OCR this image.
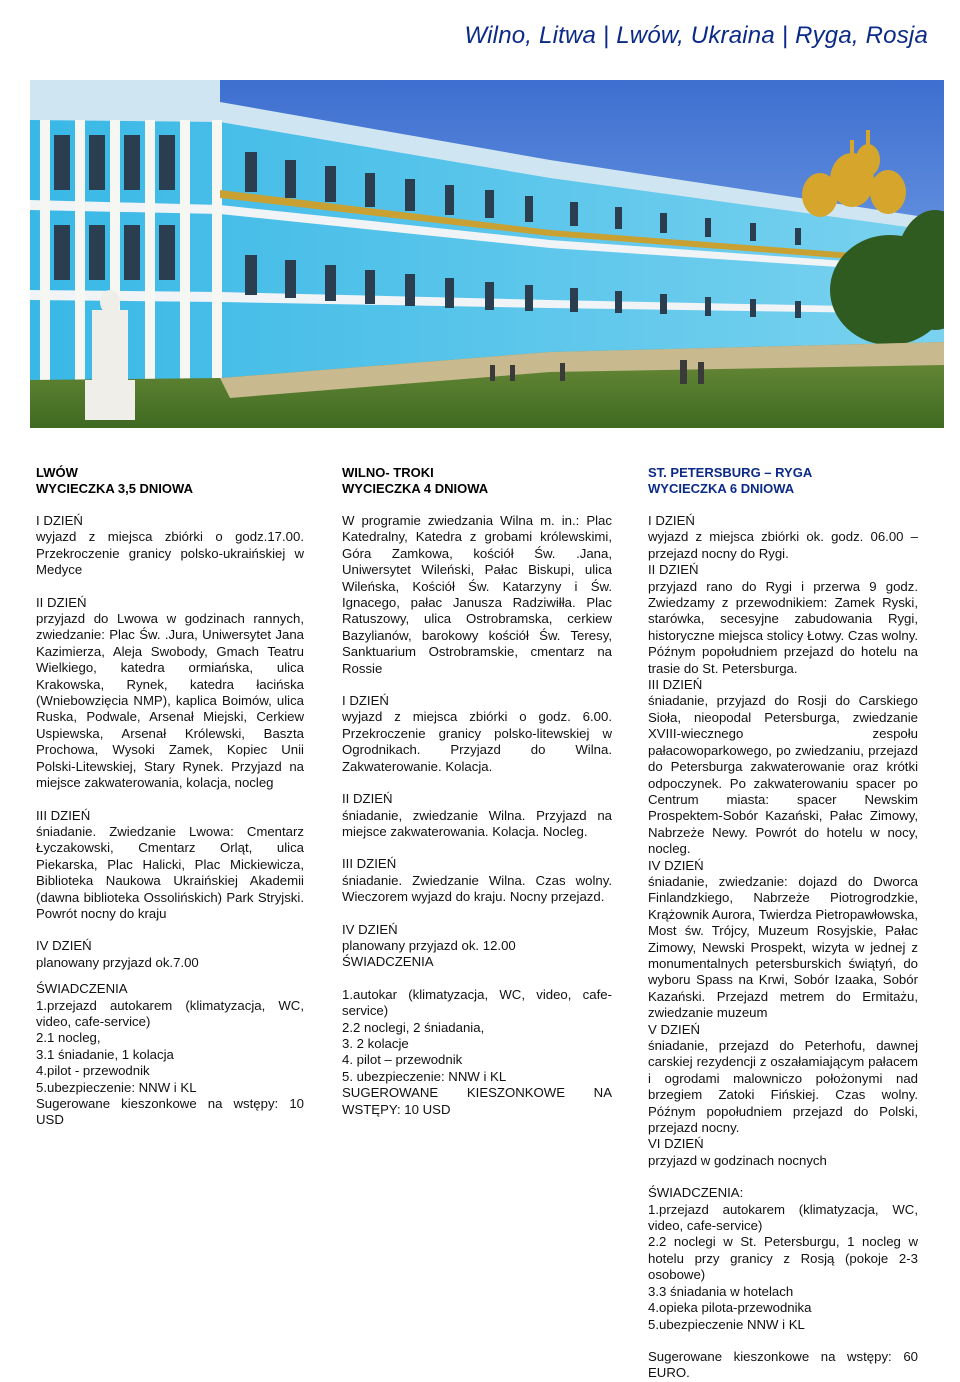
Wilno, Litwa | Lwów, Ukraina | Ryga, Rosja

LWÓW
WYCIECZKA 3,5 DNIOWA

I DZIEŃ
wyjazd z miejsca zbiórki o godz.17.00. Przekroczenie granicy polsko-ukraińskiej w Medyce

II DZIEŃ
przyjazd do Lwowa w godzinach rannych, zwiedzanie: Plac Św. .Jura, Uniwersytet Jana Kazimierza, Aleja Swobody, Gmach Teatru Wielkiego, katedra ormiańska, ulica Krakowska, Rynek, katedra łacińska (Wniebowzięcia NMP), kaplica Boimów, ulica Ruska, Podwale, Arsenał Miejski, Cerkiew Uspiewska, Arsenał Królewski, Baszta Prochowa, Wysoki Zamek, Kopiec Unii Polski-Litewskiej, Stary Rynek. Przyjazd na miejsce zakwaterowania, kolacja, nocleg

III DZIEŃ
śniadanie. Zwiedzanie Lwowa: Cmentarz Łyczakowski, Cmentarz Orląt, ulica Piekarska, Plac Halicki, Plac Mickiewicza, Biblioteka Naukowa Ukraińskiej Akademii (dawna biblioteka Ossolińskich) Park Stryjski. Powrót nocny do kraju

IV DZIEŃ
planowany przyjazd ok.7.00

ŚWIADCZENIA
1.przejazd autokarem (klimatyzacja, WC, video, cafe-service)
2.1 nocleg,
3.1 śniadanie, 1 kolacja
4.pilot - przewodnik
5.ubezpieczenie: NNW i KL
Sugerowane kieszonkowe na wstępy: 10 USD

WILNO- TROKI
WYCIECZKA 4 DNIOWA

W programie zwiedzania Wilna m. in.: Plac Katedralny, Katedra z grobami królewskimi, Góra Zamkowa, kościół Św. .Jana, Uniwersytet Wileński, Pałac Biskupi, ulica Wileńska, Kościół Św. Katarzyny i Św. Ignacego, pałac Janusza Radziwiłła. Plac Ratuszowy, ulica Ostrobramska, cerkiew Bazylianów, barokowy kościół Św. Teresy, Sanktuarium Ostrobramskie, cmentarz na Rossie

I DZIEŃ
wyjazd z miejsca zbiórki o godz. 6.00. Przekroczenie granicy polsko-litewskiej w Ogrodnikach. Przyjazd do Wilna. Zakwaterowanie. Kolacja.

II DZIEŃ
śniadanie, zwiedzanie Wilna. Przyjazd na miejsce zakwaterowania. Kolacja. Nocleg.

III DZIEŃ
śniadanie. Zwiedzanie Wilna. Czas wolny. Wieczorem wyjazd do kraju. Nocny przejazd.

IV DZIEŃ
planowany przyjazd ok. 12.00
ŚWIADCZENIA

1.autokar (klimatyzacja, WC, video, cafe-service)
2.2 noclegi, 2 śniadania,
3. 2 kolacje
4. pilot – przewodnik
5. ubezpieczenie: NNW i KL
SUGEROWANE KIESZONKOWE NA WSTĘPY: 10 USD

ST. PETERSBURG – RYGA
WYCIECZKA 6 DNIOWA

I DZIEŃ
wyjazd z miejsca zbiórki ok. godz. 06.00 – przejazd nocny do Rygi.
II DZIEŃ
przyjazd rano do Rygi i przerwa 9 godz. Zwiedzamy z przewodnikiem: Zamek Ryski, starówka, secesyjne zabudowania Rygi, historyczne miejsca stolicy Łotwy. Czas wolny. Późnym popołudniem przejazd do hotelu na trasie do St. Petersburga.
III DZIEŃ
śniadanie, przyjazd do Rosji do Carskiego Sioła, nieopodal Petersburga, zwiedzanie XVIII-wiecznego zespołu pałacowoparkowego, po zwiedzaniu, przejazd do Petersburga zakwaterowanie oraz krótki odpoczynek. Po zakwaterowaniu spacer po Centrum miasta: spacer Newskim Prospektem-Sobór Kazański, Pałac Zimowy, Nabrzeże Newy. Powrót do hotelu w nocy, nocleg.
IV DZIEŃ
śniadanie, zwiedzanie: dojazd do Dworca Finlandzkiego, Nabrzeże Piotrogrodzkie, Krążownik Aurora, Twierdza Pietropawłowska, Most św. Trójcy, Muzeum Rosyjskie, Pałac Zimowy, Newski Prospekt, wizyta w jednej z monumentalnych petersburskich świątyń, do wyboru Spass na Krwi, Sobór Izaaka, Sobór Kazański. Przejazd metrem do Ermitażu, zwiedzanie muzeum
V DZIEŃ
śniadanie, przejazd do Peterhofu, dawnej carskiej rezydencji z oszałamiającym pałacem i ogrodami malowniczo położonymi nad brzegiem Zatoki Fińskiej. Czas wolny. Późnym popołudniem przejazd do Polski, przejazd nocny.
VI DZIEŃ
przyjazd w godzinach nocnych

ŚWIADCZENIA:
1.przejazd autokarem (klimatyzacja, WC, video, cafe-service)
2.2 noclegi w St. Petersburgu, 1 nocleg w hotelu przy granicy z Rosją (pokoje 2-3 osobowe)
3.3 śniadania w hotelach
4.opieka pilota-przewodnika
5.ubezpieczenie NNW i KL

Sugerowane kieszonkowe na wstępy: 60 EURO.
